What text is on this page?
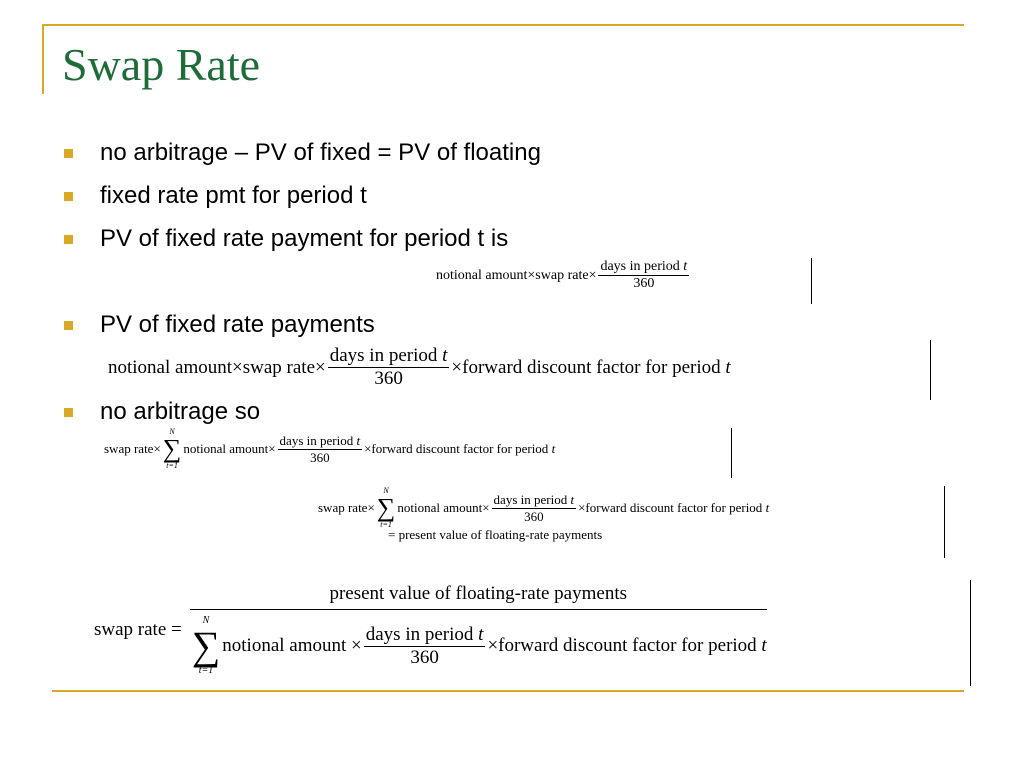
Swap Rate
no arbitrage – PV of fixed = PV of floating
fixed rate pmt for period t
PV of fixed rate payment for period t is
notional amount × swap rate × $\frac{\text{days in period t}}{360}$
PV of fixed rate payments
notional amount × swap rate × $\frac{\text{days in period t}}{360}$ × forward discount factor for period
t
no arbitrage so
swap rate ×
N
∑
t=1
notional amount × $\frac{\text{days in period t}}{360}$ × forward discount factor for period
t
swap rate ×
N
∑
t=1
notional amount × $\frac{\text{days in period t}}{360}$ × forward discount factor for period
t
= present value of floating-rate payments
swap rate
=
present value of floating-rate payments
N
∑
t=1
notional amount
× $\frac{\text{days in period t}}{360}$ × forward discount factor for period
t
